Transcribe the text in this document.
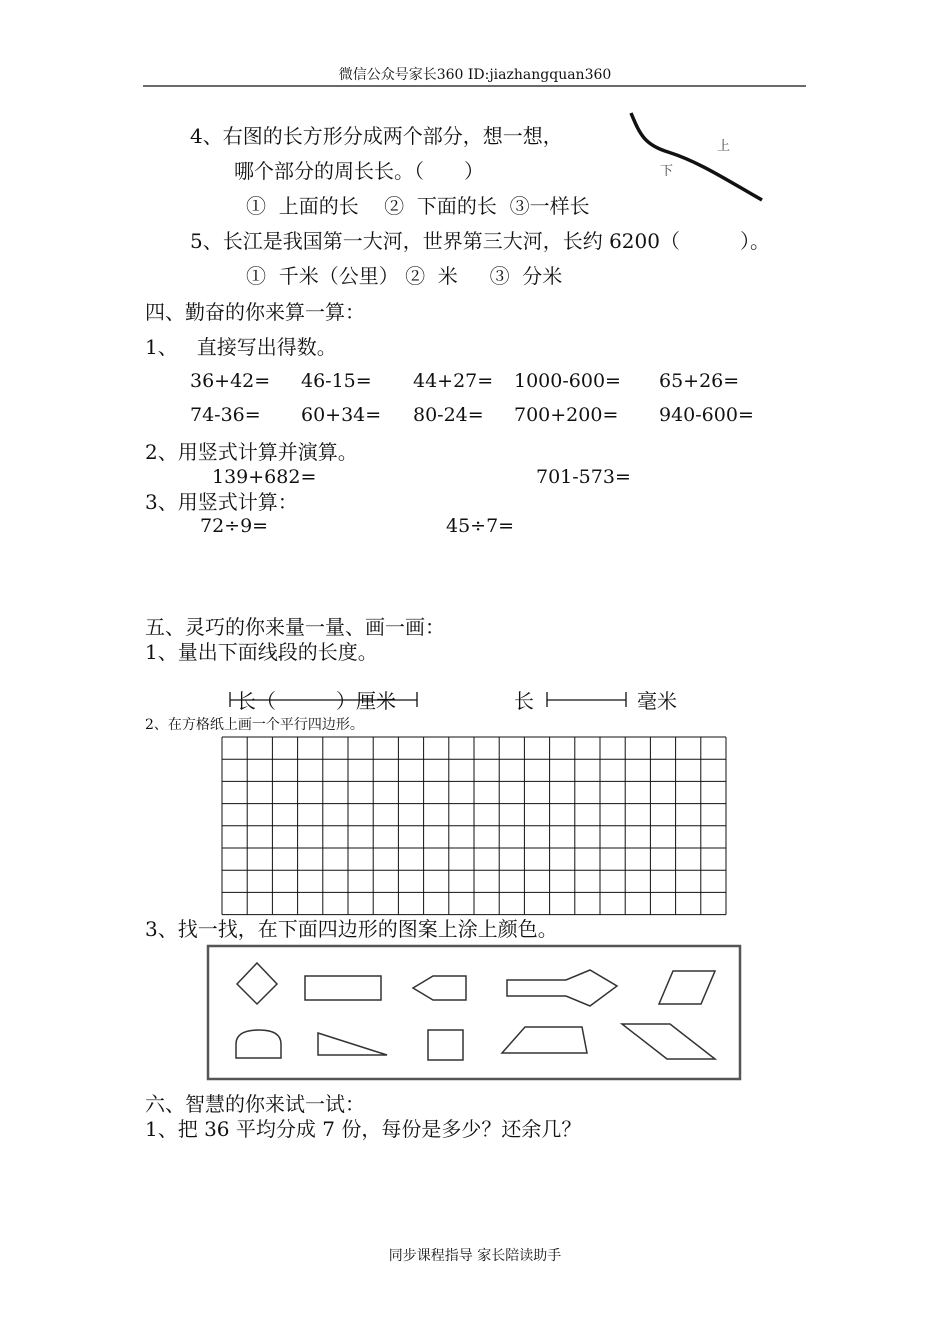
微信公众号家长360 ID:jiazhangquan360
4、右图的长方形分成两个部分，想一想，
哪个部分的周长长。（　　）
①  上面的长    ②  下面的长  ③一样长
上
下
5、长江是我国第一大河，世界第三大河，长约 6200（　　　）。
①  千米（公里） ②  米     ③  分米
四、勤奋的你来算一算：
1、   直接写出得数。
36+42= 46-15= 44+27= 1000-600= 65+26=
74-36= 60+34= 80-24= 700+200= 940-600=
2、用竖式计算并演算。
139+682=	701-573=
3、用竖式计算：
72÷9=	45÷7=
五、灵巧的你来量一量、画一画：
1、量出下面线段的长度。
长（　　　）厘米	长	毫米
2、在方格纸上画一个平行四边形。
3、找一找，在下面四边形的图案上涂上颜色。
六、智慧的你来试一试：
1、把 36 平均分成 7 份，每份是多少？还余几？
同步课程指导 家长陪读助手
